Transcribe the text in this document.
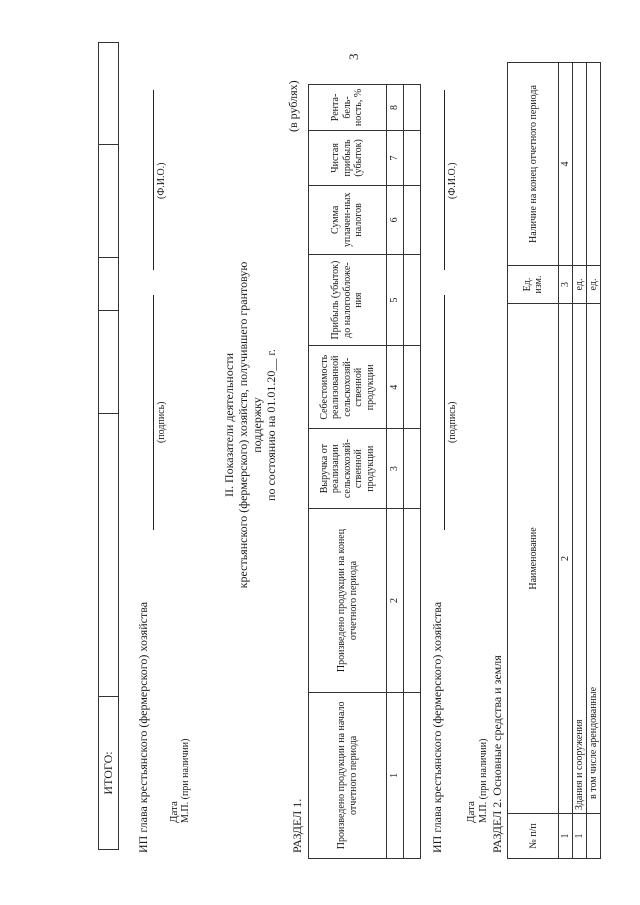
3
ИТОГО:					ИП глава крестьянского (фермерского) хозяйства
(подпись)
(Ф.И.О.)
Дата М.П. (при наличии)
II. Показатели деятельности крестьянского (фермерского) хозяйств, получившего грантовую поддержку по состоянию на 01.01.20__ г.
(в рублях)
РАЗДЕЛ 1.	Произведено продукции на начало отчетного периода	Произведено продукции на конец отчетного периода	Выручка от реализации сельскохозяй-ственной продукции	Себестоимость реализованной сельскохозяй-ственной продукции	Прибыль (убыток) до налогообложе-ния	Сумма уплачен-ных налогов	Чистая прибыль (убыток)	Рента-бель-ность, %
1	2	3	4	5	6	7	8

ИП глава крестьянского (фермерского) хозяйства
(подпись)
(Ф.И.О.)
Дата М.П. (при наличии) РАЗДЕЛ 2. Основные средства и земля № п/п	Наименование	Ед. изм.	Наличие на конец отчетного периода
1	2	3	4
1	Здания и сооружения	ед.	
	в том числе арендованные	ед.	
